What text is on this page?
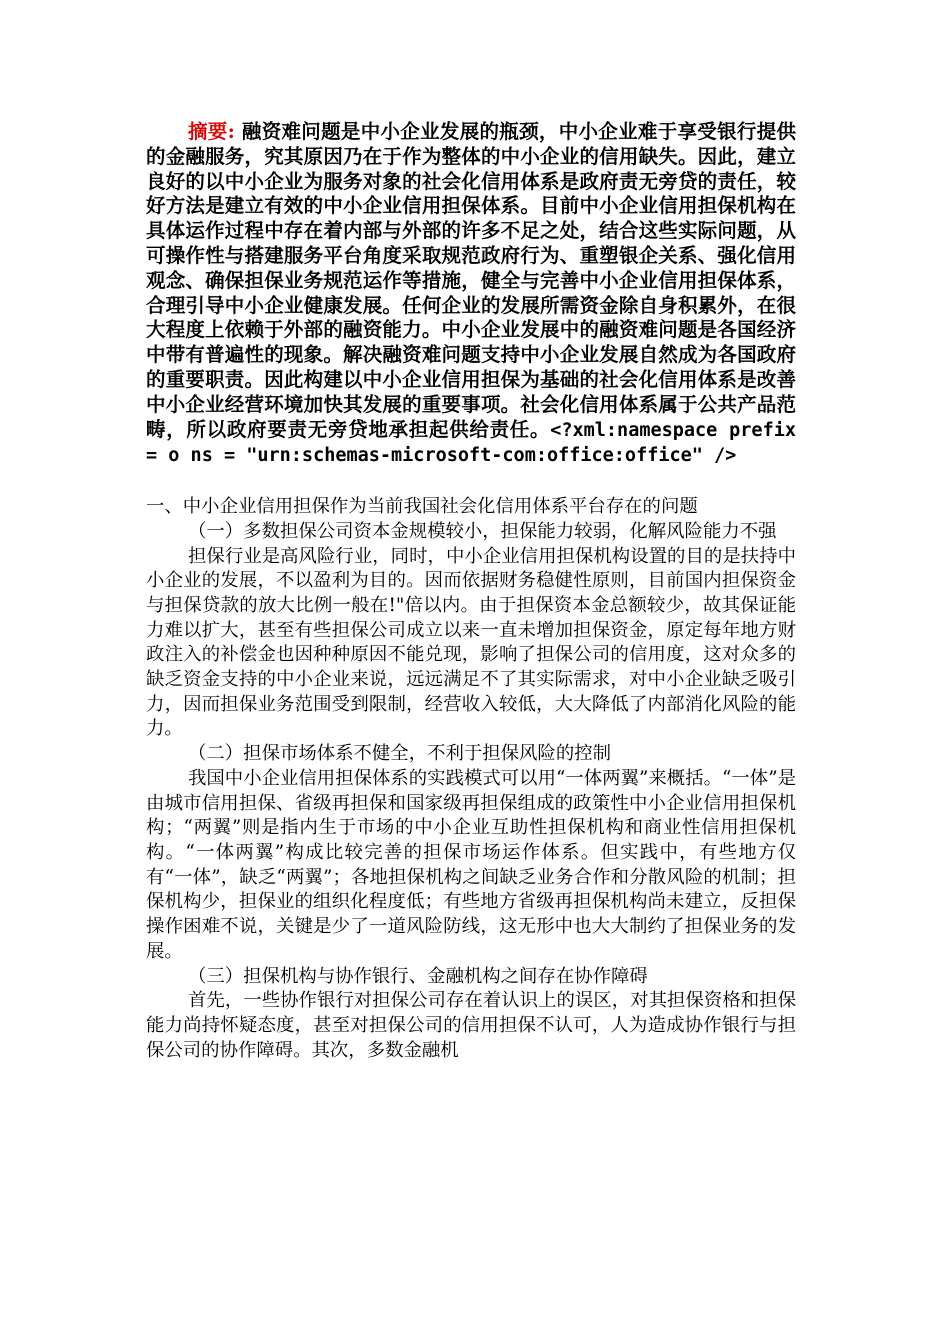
摘要: 融资难问题是中小企业发展的瓶颈，中小企业难于享受银行提供的金融服务，究其原因乃在于作为整体的中小企业的信用缺失。因此，建立良好的以中小企业为服务对象的社会化信用体系是政府责无旁贷的责任，较好方法是建立有效的中小企业信用担保体系。目前中小企业信用担保机构在具体运作过程中存在着内部与外部的许多不足之处，结合这些实际问题，从可操作性与搭建服务平台角度采取规范政府行为、重塑银企关系、强化信用观念、确保担保业务规范运作等措施，健全与完善中小企业信用担保体系，合理引导中小企业健康发展。任何企业的发展所需资金除自身积累外，在很大程度上依赖于外部的融资能力。中小企业发展中的融资难问题是各国经济中带有普遍性的现象。解决融资难问题支持中小企业发展自然成为各国政府的重要职责。因此构建以中小企业信用担保为基础的社会化信用体系是改善中小企业经营环境加快其发展的重要事项。社会化信用体系属于公共产品范畴，所以政府要责无旁贷地承担起供给责任。<?xml:namespace prefix = o ns = "urn:schemas-microsoft-com:office:office" />

一、中小企业信用担保作为当前我国社会化信用体系平台存在的问题

（一）多数担保公司资本金规模较小，担保能力较弱，化解风险能力不强

担保行业是高风险行业，同时，中小企业信用担保机构设置的目的是扶持中小企业的发展，不以盈利为目的。因而依据财务稳健性原则，目前国内担保资金与担保贷款的放大比例一般在!"倍以内。由于担保资本金总额较少，故其保证能力难以扩大，甚至有些担保公司成立以来一直未增加担保资金，原定每年地方财政注入的补偿金也因种种原因不能兑现，影响了担保公司的信用度，这对众多的缺乏资金支持的中小企业来说，远远满足不了其实际需求，对中小企业缺乏吸引力，因而担保业务范围受到限制，经营收入较低，大大降低了内部消化风险的能力。

（二）担保市场体系不健全，不利于担保风险的控制

我国中小企业信用担保体系的实践模式可以用“一体两翼”来概括。“一体”是由城市信用担保、省级再担保和国家级再担保组成的政策性中小企业信用担保机构；“两翼”则是指内生于市场的中小企业互助性担保机构和商业性信用担保机构。“一体两翼”构成比较完善的担保市场运作体系。但实践中，有些地方仅有“一体”，缺乏“两翼”；各地担保机构之间缺乏业务合作和分散风险的机制；担保机构少，担保业的组织化程度低；有些地方省级再担保机构尚未建立，反担保操作困难不说，关键是少了一道风险防线，这无形中也大大制约了担保业务的发展。

（三）担保机构与协作银行、金融机构之间存在协作障碍

首先，一些协作银行对担保公司存在着认识上的误区，对其担保资格和担保能力尚持怀疑态度，甚至对担保公司的信用担保不认可，人为造成协作银行与担保公司的协作障碍。其次，多数金融机
